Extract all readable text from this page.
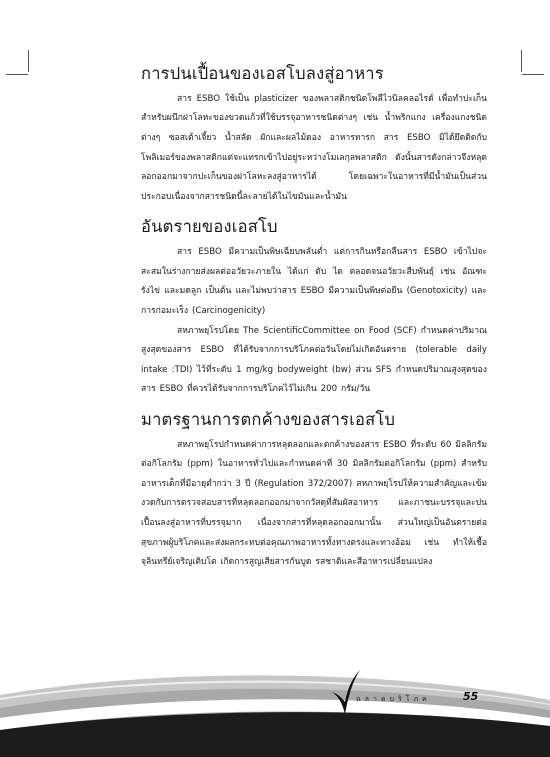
การปนเปื้อนของเอสโบลงสู่อาหาร

สาร ESBO ใช้เป็น plasticizer ของพลาสติกชนิดโพลีไวนิลคลอไรด์ เพื่อทำปะเก็นสำหรับผนึกฝาโลหะของขวดแก้วที่ใช้บรรจุอาหารชนิดต่างๆ เช่น น้ำพริกแกง เครื่องแกงชนิดต่างๆ ซอสเต้าเจี้ยว น้ำสลัด ผักและผลไม้ดอง อาหารทารก สาร ESBO มิได้ยึดติดกับโพลิเมอร์ของพลาสติกแต่จะแทรกเข้าไปอยู่ระหว่างโมเลกุลพลาสติก ดังนั้นสารดังกล่าวจึงหลุดลอกออกมาจากปะเก็นของฝาโลหะลงสู่อาหารได้ โดยเฉพาะในอาหารที่มีน้ำมันเป็นส่วนประกอบเนื่องจากสารชนิดนี้ละลายได้ในไขมันและน้ำมัน

อันตรายของเอสโบ

สาร ESBO มีความเป็นพิษเฉียบพลันต่ำ แต่การกินหรือกลืนสาร ESBO เข้าไปจะสะสมในร่างกายส่งผลต่ออวัยวะภายใน ได้แก่ ตับ ไต ตลอดจนอวัยวะสืบพันธุ์ เช่น อัณฑะ รังไข่ และมดลูก เป็นต้น และไม่พบว่าสาร ESBO มีความเป็นพิษต่อยีน (Genotoxicity) และการก่อมะเร็ง (Carcinogenicity)

สหภาพยุโรปโดย The ScientificCommittee on Food (SCF) กำหนดค่าปริมาณสูงสุดของสาร ESBO ที่ได้รับจากการบริโภคต่อวันโดยไม่เกิดอันตราย (tolerable daily intake :TDI) ไว้ที่ระดับ 1 mg/kg bodyweight (bw) ส่วน SFS กำหนดปริมาณสูงสุดของสาร ESBO ที่ควรได้รับจากการบริโภคไว้ไม่เกิน 200 กรัม/วัน

มาตรฐานการตกค้างของสารเอสโบ

สหภาพยุโรปกำหนดค่าการหลุดลอกและตกค้างของสาร ESBO ที่ระดับ 60 มิลลิกรัมต่อกิโลกรัม (ppm) ในอาหารทั่วไปและกำหนดค่าที่ 30 มิลลิกรัมต่อกิโลกรัม (ppm) สำหรับอาหารเด็กที่มีอายุต่ำกว่า 3 ปี (Regulation 372/2007) สหภาพยุโรปให้ความสำคัญและเข้มงวดกับการตรวจสอบสารที่หลุดลอกออกมาจากวัสดุที่สัมผัสอาหาร และภาชนะบรรจุและปนเปื้อนลงสู่อาหารที่บรรจุมาก เนื่องจากสารที่หลุดลอกออกมานั้น ส่วนใหญ่เป็นอันตรายต่อสุขภาพผู้บริโภคและส่งผลกระทบต่อคุณภาพอาหารทั้งทางตรงและทางอ้อม เช่น ทำให้เชื้อจุลินทรีย์เจริญเติบโต เกิดการสูญเสียสารกันบูด รสชาติและสีอาหารเปลี่ยนแปลง

ฉลาดบริโภค	55
